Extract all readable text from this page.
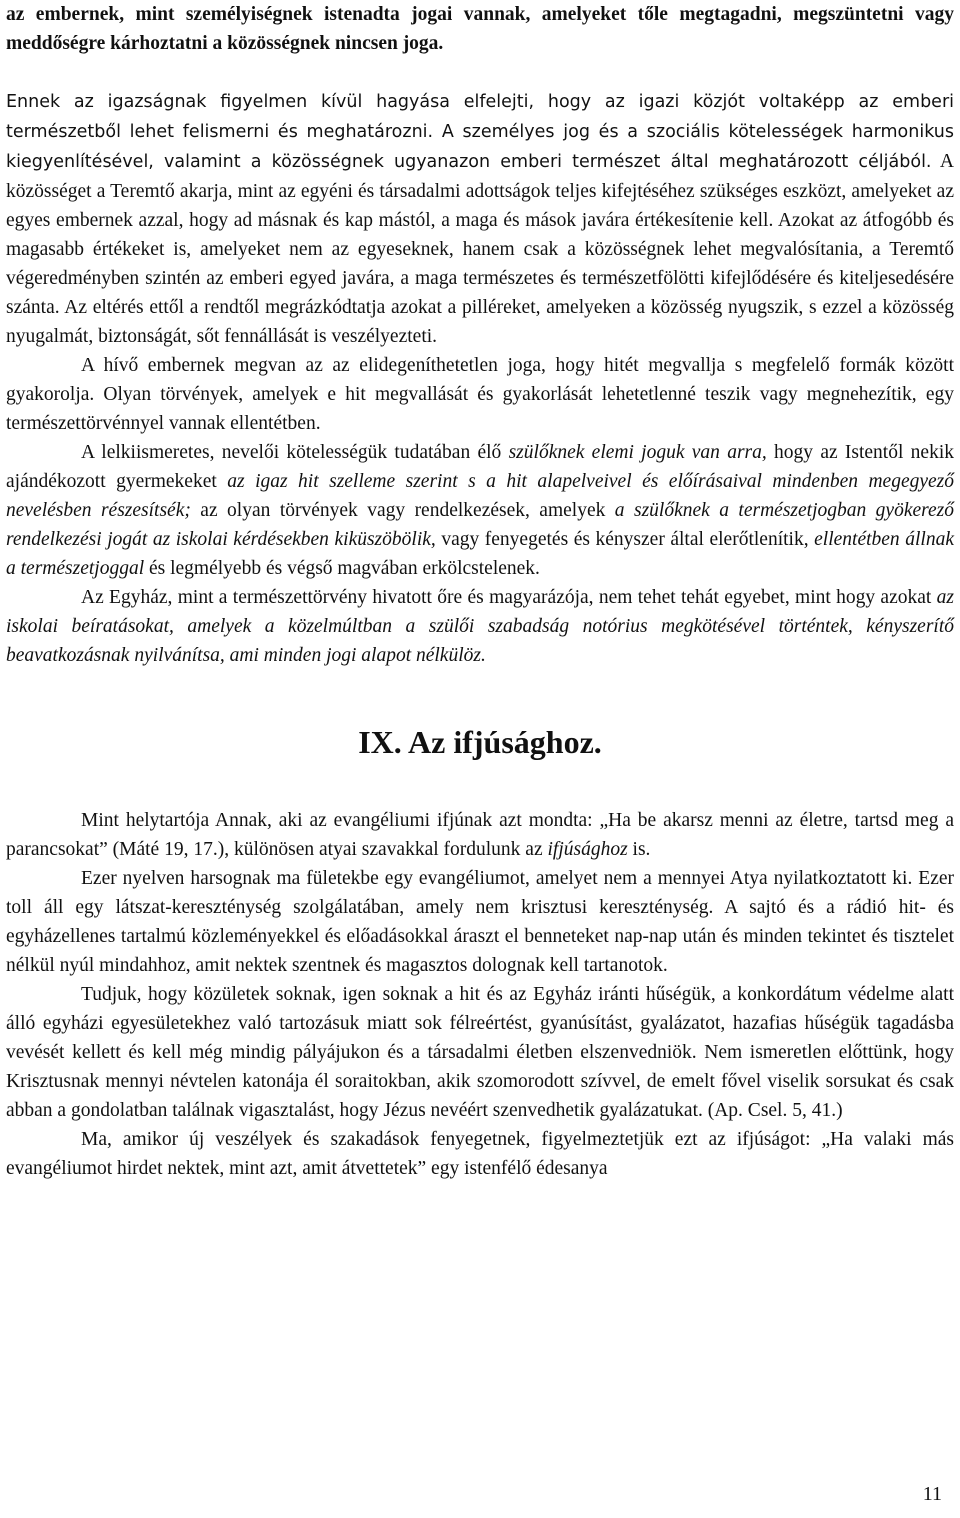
az embernek, mint személyiségnek istenadta jogai vannak, amelyeket tőle megtagadni, megszüntetni vagy meddőségre kárhoztatni a közösségnek nincsen joga.

Ennek az igazságnak figyelmen kívül hagyása elfelejti, hogy az igazi közjót voltaképp az emberi természetből lehet felismerni és meghatározni. A személyes jog és a szociális kötelességek harmonikus kiegyenlítésével, valamint a közösségnek ugyanazon emberi természet által meghatározott céljából. A közösséget a Teremtő akarja, mint az egyéni és társadalmi adottságok teljes kifejtéséhez szükséges eszközt, amelyeket az egyes embernek azzal, hogy ad másnak és kap mástól, a maga és mások javára értékesítenie kell. Azokat az átfogóbb és magasabb értékeket is, amelyeket nem az egyeseknek, hanem csak a közösségnek lehet megvalósítania, a Teremtő végeredményben szintén az emberi egyed javára, a maga természetes és természetfölötti kifejlődésére és kiteljesedésére szánta. Az eltérés ettől a rendtől megrázkódtatja azokat a pilléreket, amelyeken a közösség nyugszik, s ezzel a közösség nyugalmát, biztonságát, sőt fennállását is veszélyezteti.

A hívő embernek megvan az az elidegeníthetetlen joga, hogy hitét megvallja s megfelelő formák között gyakorolja. Olyan törvények, amelyek e hit megvallását és gyakorlását lehetetlenné teszik vagy megnehezítik, egy természettörvénnyel vannak ellentétben.

A lelkiismeretes, nevelői kötelességük tudatában élő szülőknek elemi joguk van arra, hogy az Istentől nekik ajándékozott gyermekeket az igaz hit szelleme szerint s a hit alapelveivel és előírásaival mindenben megegyező nevelésben részesítsék; az olyan törvények vagy rendelkezések, amelyek a szülőknek a természetjogban gyökerező rendelkezési jogát az iskolai kérdésekben kiküszöbölik, vagy fenyegetés és kényszer által elerőtlenítik, ellentétben állnak a természetjoggal és legmélyebb és végső magvában erkölcstelenek.

Az Egyház, mint a természettörvény hivatott őre és magyarázója, nem tehet tehát egyebet, mint hogy azokat az iskolai beíratásokat, amelyek a közelmúltban a szülői szabadság notórius megkötésével történtek, kényszerítő beavatkozásnak nyilvánítsa, ami minden jogi alapot nélkülöz.

IX. Az ifjúsághoz.

Mint helytartója Annak, aki az evangéliumi ifjúnak azt mondta: „Ha be akarsz menni az életre, tartsd meg a parancsokat” (Máté 19, 17.), különösen atyai szavakkal fordulunk az ifjúsághoz is.

Ezer nyelven harsognak ma fületekbe egy evangéliumot, amelyet nem a mennyei Atya nyilatkoztatott ki. Ezer toll áll egy látszat-kereszténység szolgálatában, amely nem krisztusi kereszténység. A sajtó és a rádió hit- és egyházellenes tartalmú közleményekkel és előadásokkal áraszt el benneteket nap-nap után és minden tekintet és tisztelet nélkül nyúl mindahhoz, amit nektek szentnek és magasztos dolognak kell tartanotok.

Tudjuk, hogy közületek soknak, igen soknak a hit és az Egyház iránti hűségük, a konkordátum védelme alatt álló egyházi egyesületekhez való tartozásuk miatt sok félreértést, gyanúsítást, gyalázatot, hazafias hűségük tagadásba vevését kellett és kell még mindig pályájukon és a társadalmi életben elszenvedniök. Nem ismeretlen előttünk, hogy Krisztusnak mennyi névtelen katonája él soraitokban, akik szomorodott szívvel, de emelt fővel viselik sorsukat és csak abban a gondolatban találnak vigasztalást, hogy Jézus nevéért szenvedhetik gyalázatukat. (Ap. Csel. 5, 41.)

Ma, amikor új veszélyek és szakadások fenyegetnek, figyelmeztetjük ezt az ifjúságot: „Ha valaki más evangéliumot hirdet nektek, mint azt, amit átvettetek” egy istenfélő édesanya

11
